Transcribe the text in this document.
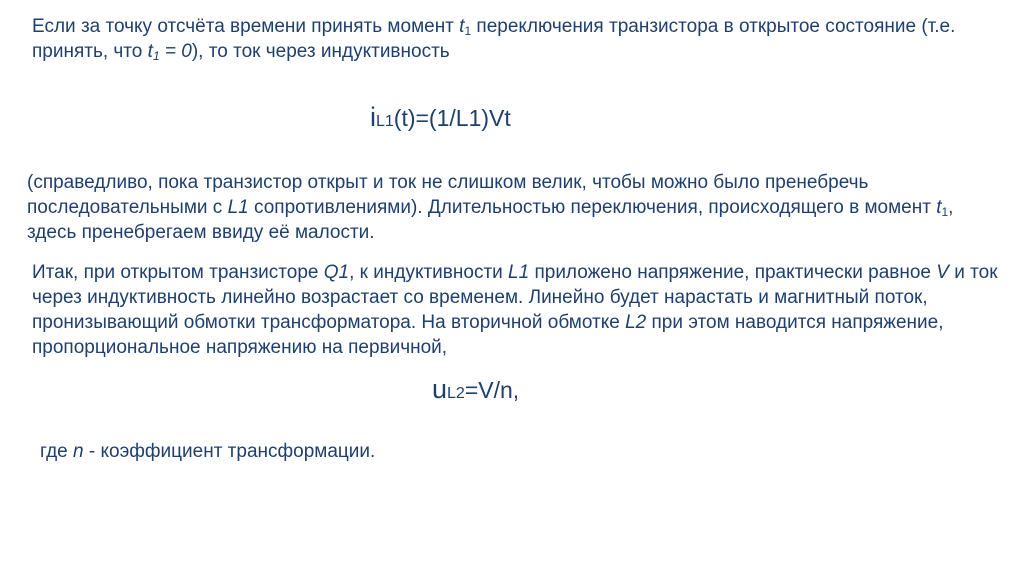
Если за точку отсчёта времени принять момент $t_1$ переключения транзистора в открытое состояние (т.е. принять, что $t_1 = 0$), то ток через индуктивность

iL1(t)=(1/L1)Vt

(справедливо, пока транзистор открыт и ток не слишком велик, чтобы можно было пренебречь последовательными с L1 сопротивлениями). Длительностью переключения, происходящего в момент $t_1$, здесь пренебрегаем ввиду её малости.

Итак, при открытом транзисторе Q1, к индуктивности L1 приложено напряжение, практически равное V и ток через индуктивность линейно возрастает со временем. Линейно будет нарастать и магнитный поток, пронизывающий обмотки трансформатора. На вторичной обмотке L2 при этом наводится напряжение, пропорциональное напряжению на первичной,

uL2=V/n,

где n - коэффициент трансформации.
